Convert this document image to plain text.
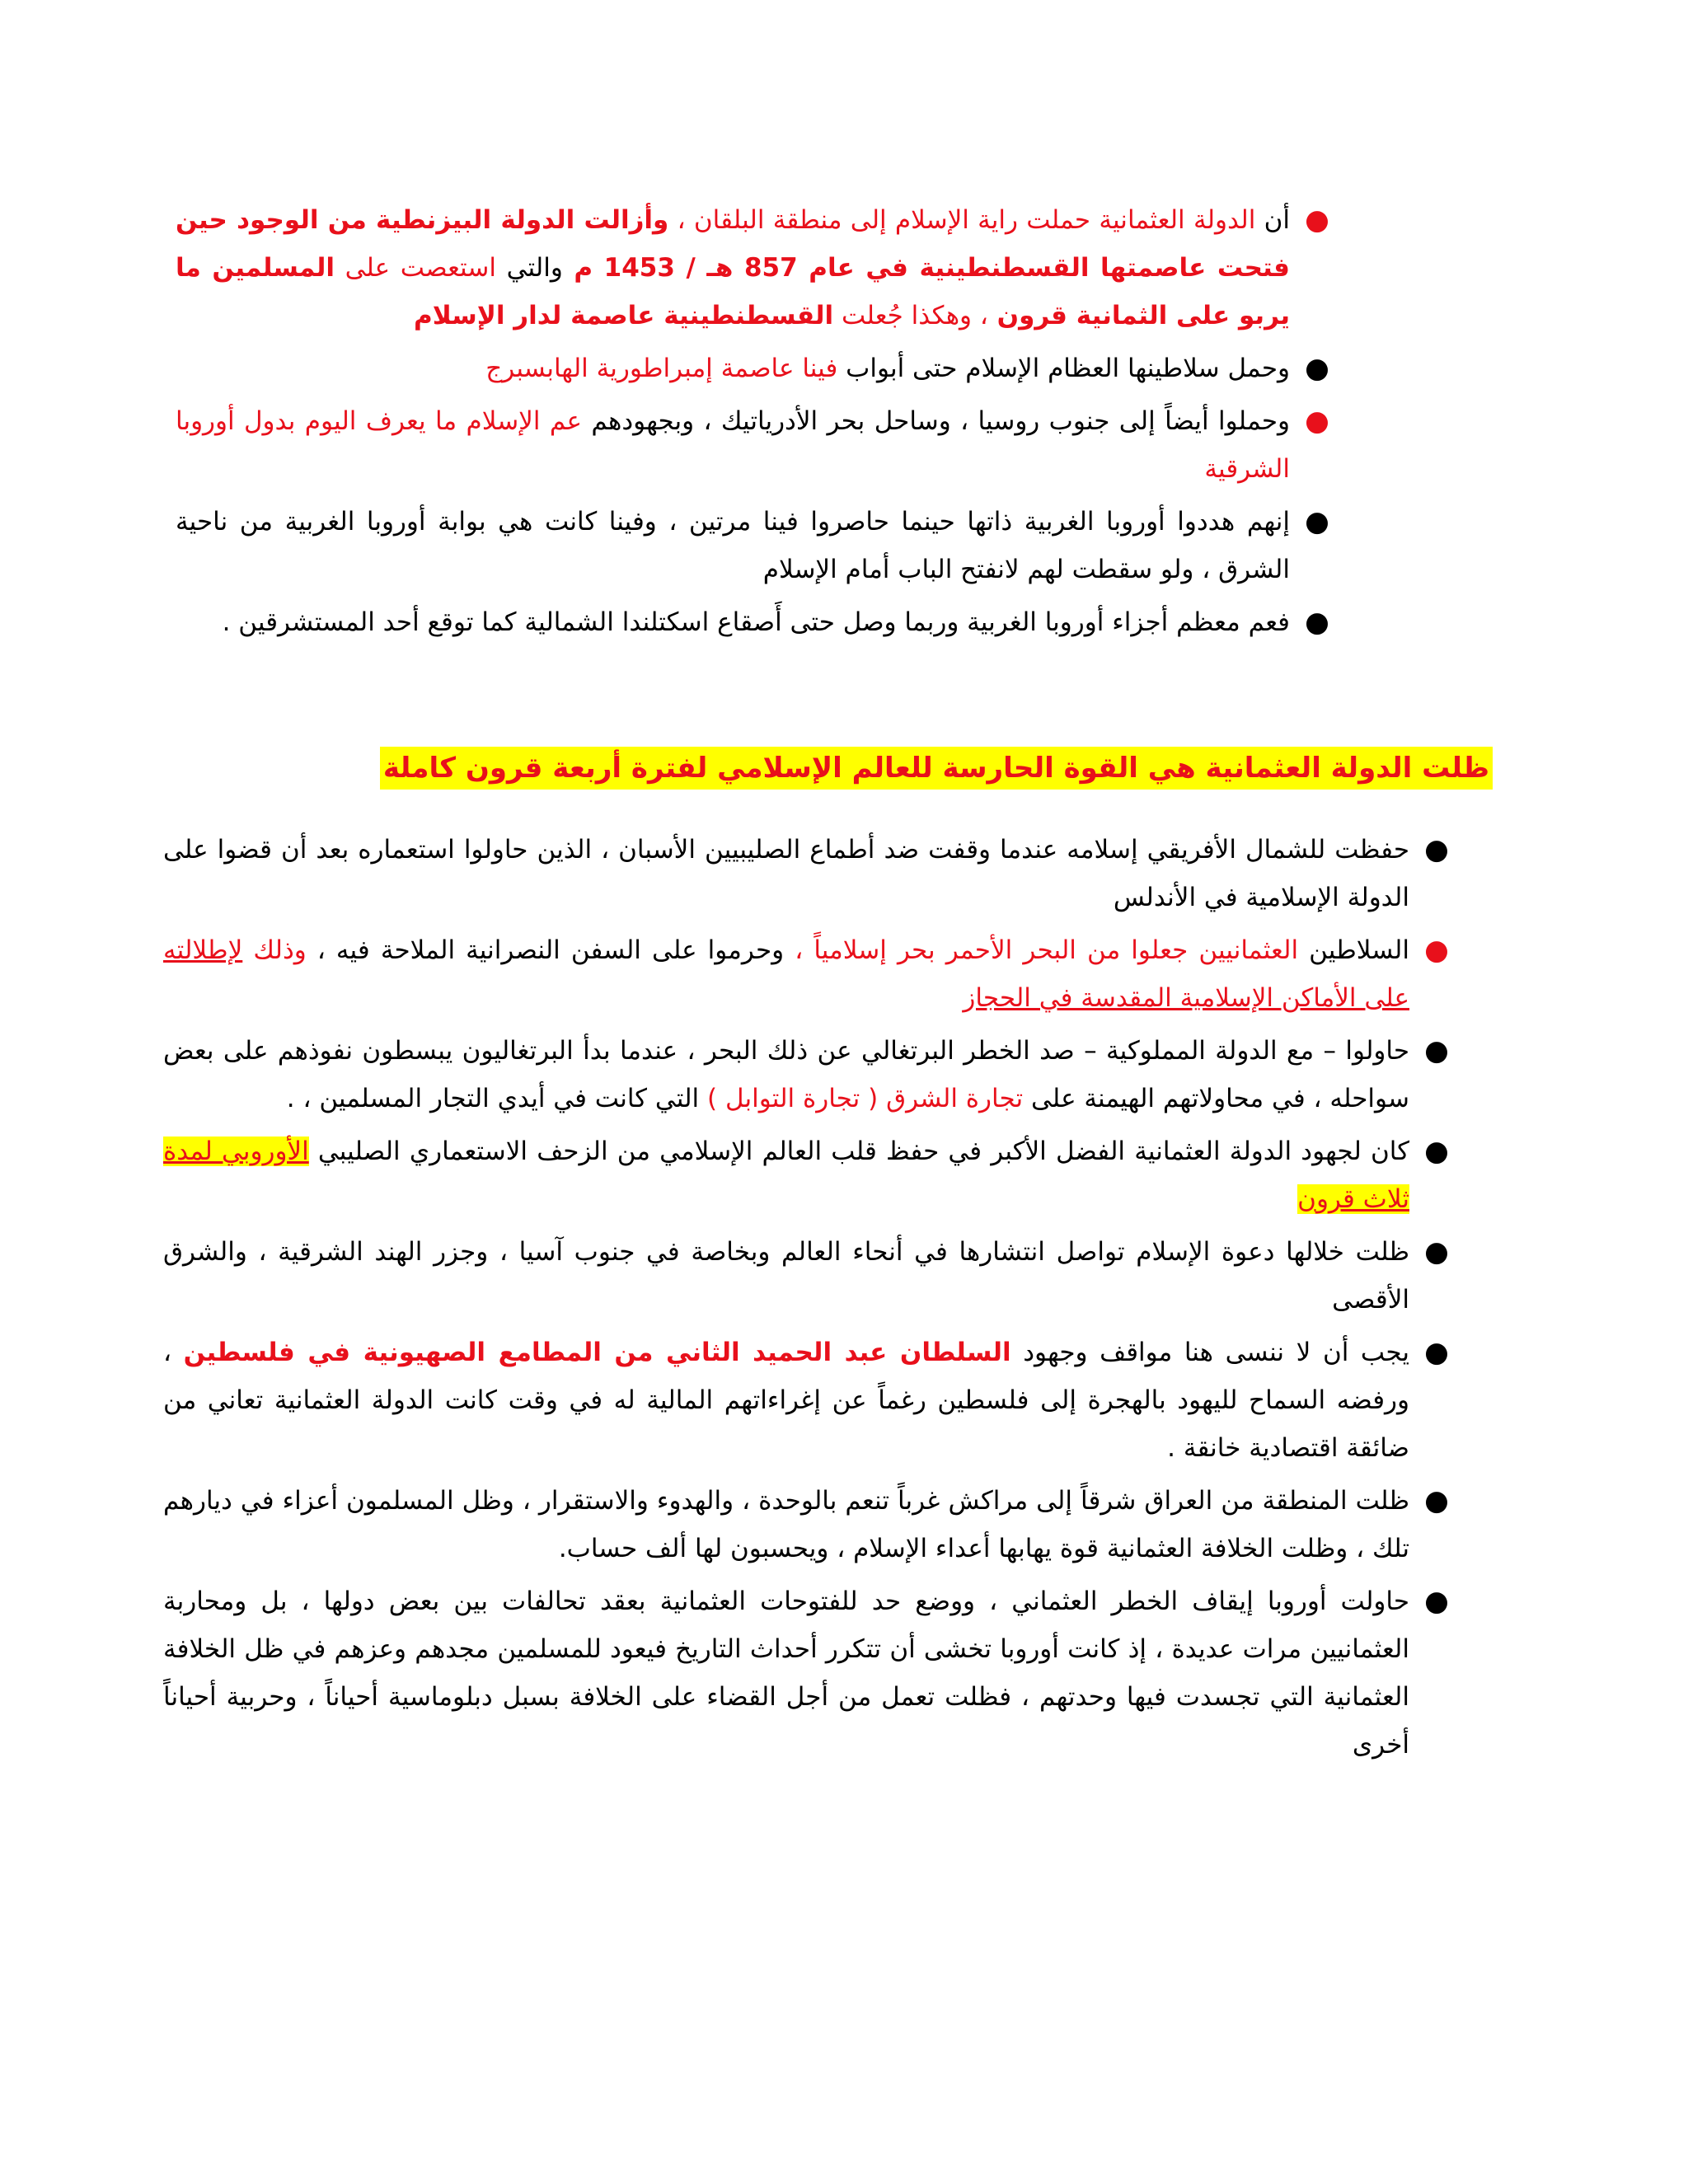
●
أن الدولة العثمانية حملت راية الإسلام إلى منطقة البلقان ، وأزالت الدولة البيزنطية من الوجود حين فتحت عاصمتها القسطنطينية في عام 857 هـ / 1453 م والتي استعصت على المسلمين ما يربو على الثمانية قرون ، وهكذا جُعلت القسطنطينية عاصمة لدار الإسلام
●
وحمل سلاطينها العظام الإسلام حتى أبواب فينا عاصمة إمبراطورية الهابسبرج
●
وحملوا أيضاً إلى جنوب روسيا ، وساحل بحر الأدرياتيك ، وبجهودهم عم الإسلام ما يعرف اليوم بدول أوروبا الشرقية
●
إنهم هددوا أوروبا الغربية ذاتها حينما حاصروا فينا مرتين ، وفينا كانت هي بوابة أوروبا الغربية من ناحية الشرق ، ولو سقطت لهم لانفتح الباب أمام الإسلام
●
فعم معظم أجزاء أوروبا الغربية وربما وصل حتى أَصقاع اسكتلندا الشمالية كما توقع أحد المستشرقين .
ظلت الدولة العثمانية هي القوة الحارسة للعالم الإسلامي لفترة أربعة قرون كاملة
●
حفظت للشمال الأفريقي إسلامه عندما وقفت ضد أطماع الصليبيين الأسبان ، الذين حاولوا استعماره بعد أن قضوا على الدولة الإسلامية في الأندلس
●
السلاطين العثمانيين جعلوا من البحر الأحمر بحر إسلامياً ، وحرموا على السفن النصرانية الملاحة فيه ، وذلك لإطلالته على الأماكن الإسلامية المقدسة في الحجاز
●
حاولوا – مع الدولة المملوكية – صد الخطر البرتغالي عن ذلك البحر ، عندما بدأ البرتغاليون يبسطون نفوذهم على بعض سواحله ، في محاولاتهم الهيمنة على تجارة الشرق ( تجارة التوابل ) التي كانت في أيدي التجار المسلمين ، .
●
كان لجهود الدولة العثمانية الفضل الأكبر في حفظ قلب العالم الإسلامي من الزحف الاستعماري الصليبي الأوروبي لمدة ثلاث قرون
●
ظلت خلالها دعوة الإسلام تواصل انتشارها في أنحاء العالم وبخاصة في جنوب آسيا ، وجزر الهند الشرقية ، والشرق الأقصى
●
يجب أن لا ننسى هنا مواقف وجهود السلطان عبد الحميد الثاني من المطامع الصهيونية في فلسطين ، ورفضه السماح لليهود بالهجرة إلى فلسطين رغماً عن إغراءاتهم المالية له في وقت كانت الدولة العثمانية تعاني من ضائقة اقتصادية خانقة .
●
ظلت المنطقة من العراق شرقاً إلى مراكش غرباً تنعم بالوحدة ، والهدوء والاستقرار ، وظل المسلمون أعزاء في ديارهم تلك ، وظلت الخلافة العثمانية قوة يهابها أعداء الإسلام ، ويحسبون لها ألف حساب.
●
حاولت أوروبا إيقاف الخطر العثماني ، ووضع حد للفتوحات العثمانية بعقد تحالفات بين بعض دولها ، بل ومحاربة العثمانيين مرات عديدة ، إذ كانت أوروبا تخشى أن تتكرر أحداث التاريخ فيعود للمسلمين مجدهم وعزهم في ظل الخلافة العثمانية التي تجسدت فيها وحدتهم ، فظلت تعمل من أجل القضاء على الخلافة بسبل دبلوماسية أحياناً ، وحربية أحياناً أخرى
